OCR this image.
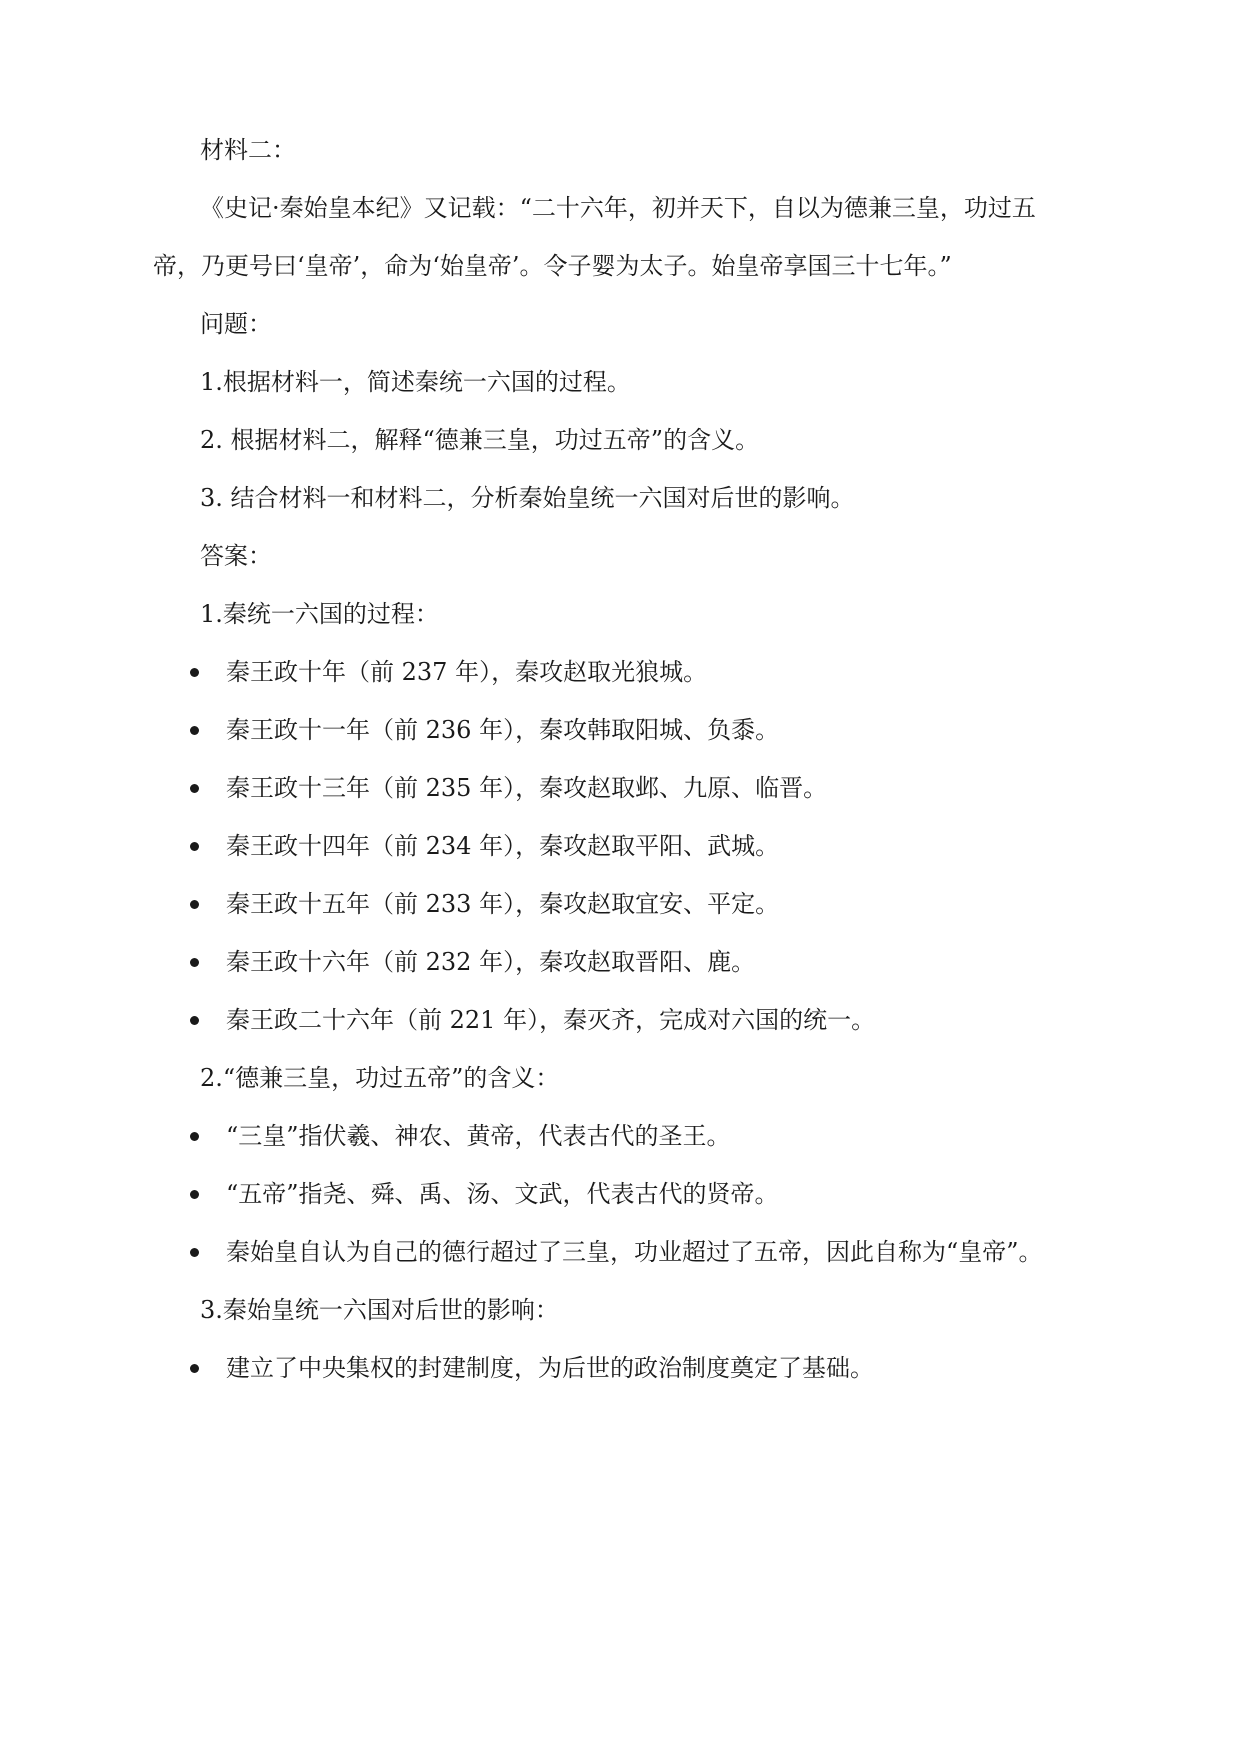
材料二：
《史记·秦始皇本纪》又记载：“二十六年，初并天下，自以为德兼三皇，功过五
帝，乃更号曰‘皇帝’，命为‘始皇帝’。令子婴为太子。始皇帝享国三十七年。”
问题：
1.根据材料一，简述秦统一六国的过程。
2. 根据材料二，解释“德兼三皇，功过五帝”的含义。
3. 结合材料一和材料二，分析秦始皇统一六国对后世的影响。
答案：
1.秦统一六国的过程：
秦王政十年（前 237 年），秦攻赵取光狼城。
秦王政十一年（前 236 年），秦攻韩取阳城、负黍。
秦王政十三年（前 235 年），秦攻赵取邺、九原、临晋。
秦王政十四年（前 234 年），秦攻赵取平阳、武城。
秦王政十五年（前 233 年），秦攻赵取宜安、平定。
秦王政十六年（前 232 年），秦攻赵取晋阳、鹿。
秦王政二十六年（前 221 年），秦灭齐，完成对六国的统一。
2.“德兼三皇，功过五帝”的含义：
“三皇”指伏羲、神农、黄帝，代表古代的圣王。
“五帝”指尧、舜、禹、汤、文武，代表古代的贤帝。
秦始皇自认为自己的德行超过了三皇，功业超过了五帝，因此自称为“皇帝”。
3.秦始皇统一六国对后世的影响：
建立了中央集权的封建制度，为后世的政治制度奠定了基础。
